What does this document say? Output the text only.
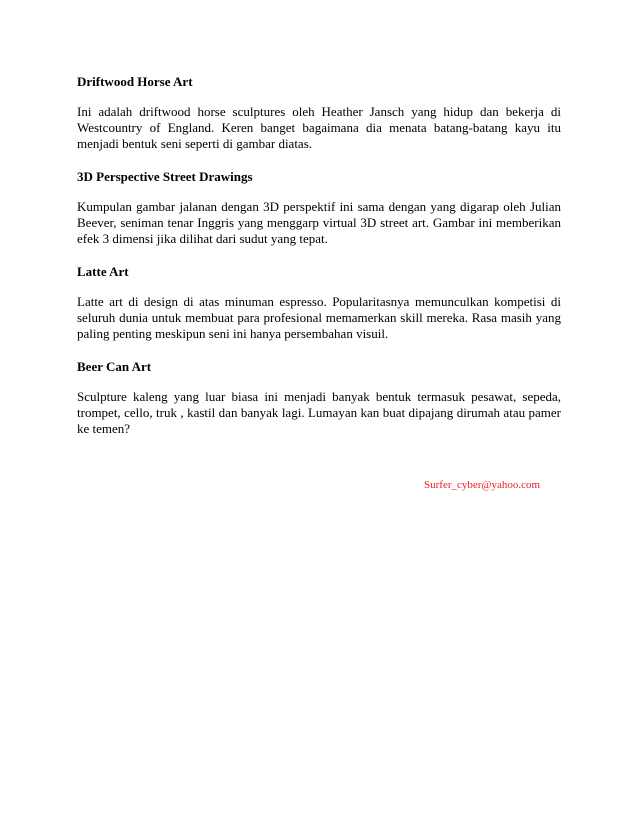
Driftwood Horse Art

Ini adalah driftwood horse sculptures oleh Heather Jansch yang hidup dan bekerja di Westcountry of England. Keren banget bagaimana dia menata batang-batang kayu itu menjadi bentuk seni seperti di gambar diatas.

3D Perspective Street Drawings

Kumpulan gambar jalanan dengan 3D perspektif ini sama dengan yang digarap oleh Julian Beever, seniman tenar Inggris yang menggarp virtual 3D street art. Gambar ini memberikan efek 3 dimensi jika dilihat dari sudut yang tepat.

Latte Art

Latte art di design di atas minuman espresso. Popularitasnya memunculkan kompetisi di seluruh dunia untuk membuat para profesional memamerkan skill mereka. Rasa masih yang paling penting meskipun seni ini hanya persembahan visuil.

Beer Can Art

Sculpture kaleng yang luar biasa ini menjadi banyak bentuk termasuk pesawat, sepeda, trompet, cello, truk , kastil dan banyak lagi. Lumayan kan buat dipajang dirumah atau pamer ke temen?

Surfer_cyber@yahoo.com
